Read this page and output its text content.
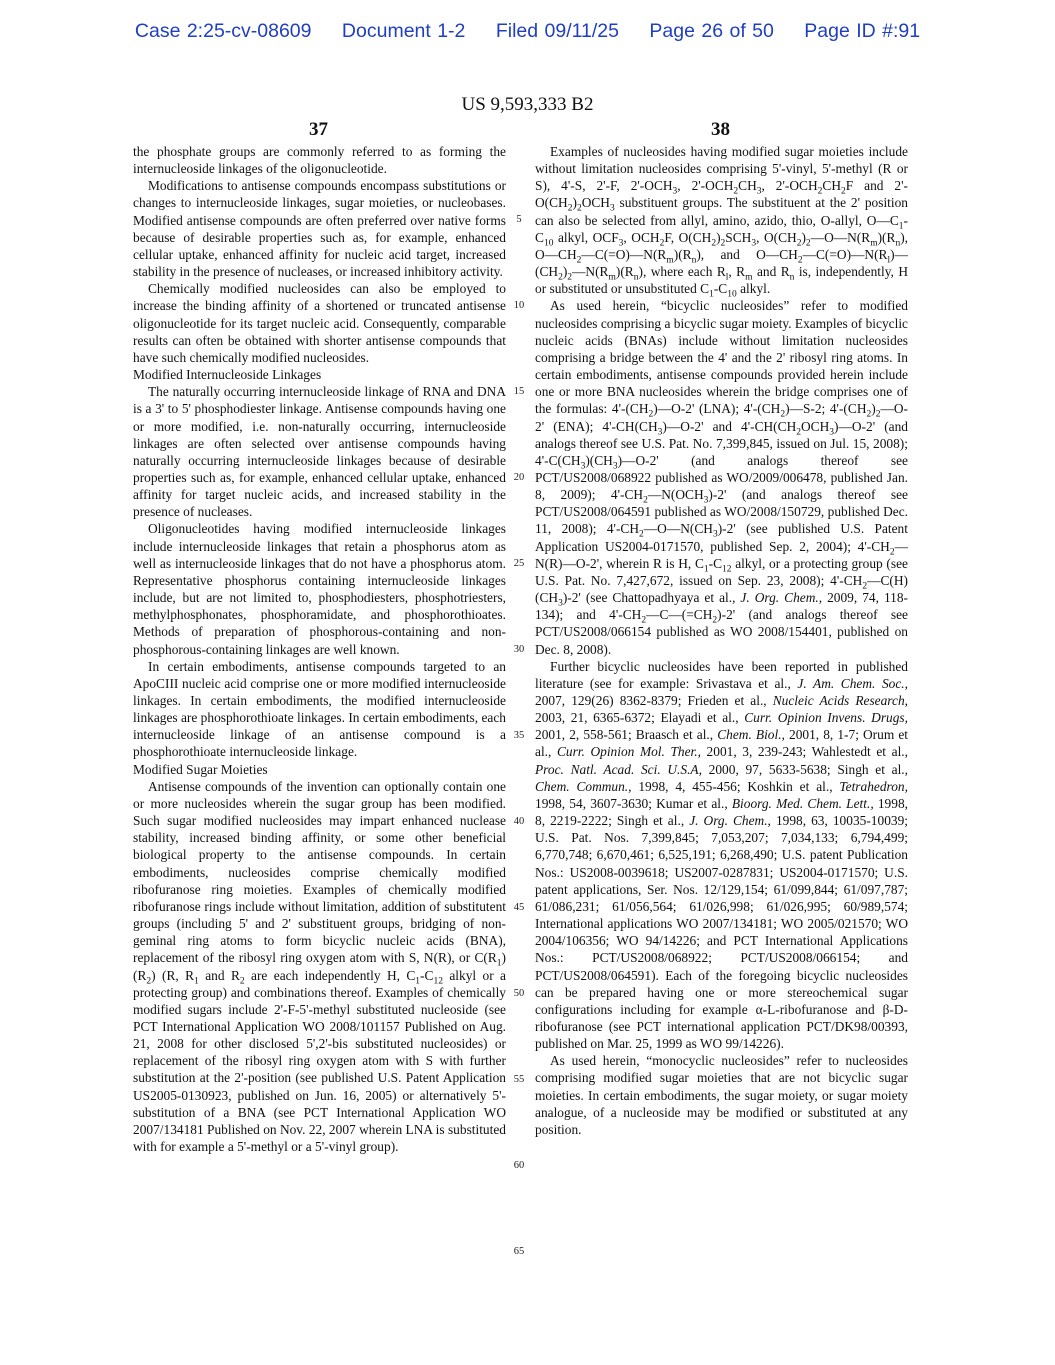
Case 2:25-cv-08609 Document 1-2 Filed 09/11/25 Page 26 of 50 Page ID #:91
US 9,593,333 B2
37	38
5
10
15
20
25
30
35
40
45
50
55
60
65

the phosphate groups are commonly referred to as forming the internucleoside linkages of the oligonucleotide.

Modifications to antisense compounds encompass substitutions or changes to internucleoside linkages, sugar moieties, or nucleobases. Modified antisense compounds are often preferred over native forms because of desirable properties such as, for example, enhanced cellular uptake, enhanced affinity for nucleic acid target, increased stability in the presence of nucleases, or increased inhibitory activity.

Chemically modified nucleosides can also be employed to increase the binding affinity of a shortened or truncated antisense oligonucleotide for its target nucleic acid. Consequently, comparable results can often be obtained with shorter antisense compounds that have such chemically modified nucleosides.

Modified Internucleoside Linkages

The naturally occurring internucleoside linkage of RNA and DNA is a 3' to 5' phosphodiester linkage. Antisense compounds having one or more modified, i.e. non-naturally occurring, internucleoside linkages are often selected over antisense compounds having naturally occurring internucleoside linkages because of desirable properties such as, for example, enhanced cellular uptake, enhanced affinity for target nucleic acids, and increased stability in the presence of nucleases.

Oligonucleotides having modified internucleoside linkages include internucleoside linkages that retain a phosphorus atom as well as internucleoside linkages that do not have a phosphorus atom. Representative phosphorus containing internucleoside linkages include, but are not limited to, phosphodiesters, phosphotriesters, methylphosphonates, phosphoramidate, and phosphorothioates. Methods of preparation of phosphorous-containing and non-phosphorous-containing linkages are well known.

In certain embodiments, antisense compounds targeted to an ApoCIII nucleic acid comprise one or more modified internucleoside linkages. In certain embodiments, the modified internucleoside linkages are phosphorothioate linkages. In certain embodiments, each internucleoside linkage of an antisense compound is a phosphorothioate internucleoside linkage.

Modified Sugar Moieties

Antisense compounds of the invention can optionally contain one or more nucleosides wherein the sugar group has been modified. Such sugar modified nucleosides may impart enhanced nuclease stability, increased binding affinity, or some other beneficial biological property to the antisense compounds. In certain embodiments, nucleosides comprise chemically modified ribofuranose ring moieties. Examples of chemically modified ribofuranose rings include without limitation, addition of substitutent groups (including 5' and 2' substituent groups, bridging of non-geminal ring atoms to form bicyclic nucleic acids (BNA), replacement of the ribosyl ring oxygen atom with S, N(R), or $C(R_1)(R_2)$ (R, $R_1$ and $R_2$ are each independently H, $C_1-C_{12}$ alkyl or a protecting group) and combinations thereof. Examples of chemically modified sugars include 2'-F-5'-methyl substituted nucleoside (see PCT International Application WO 2008/101157 Published on Aug. 21, 2008 for other disclosed 5',2'-bis substituted nucleosides) or replacement of the ribosyl ring oxygen atom with S with further substitution at the 2'-position (see published U.S. Patent Application US2005-0130923, published on Jun. 16, 2005) or alternatively 5'-substitution of a BNA (see PCT International Application WO 2007/134181 Published on Nov. 22, 2007 wherein LNA is substituted with for example a 5'-methyl or a 5'-vinyl group).

Examples of nucleosides having modified sugar moieties include without limitation nucleosides comprising 5'-vinyl, 5'-methyl (R or S), 4'-S, 2'-F, $2'-OCH_3$, $2'-OCH_2CH_3$, $2'-OCH_2CH_2F$ and $2'-O(CH_2)_2OCH_3$ substituent groups. The substituent at the 2' position can also be selected from allyl, amino, azido, thio, O-allyl, $O—C_1-C_{10}$ alkyl, $OCF_3$, $OCH_2F$, $O(CH_2)_2SCH_3$, $O(CH_2)_2—O—N(R_m)(R_n)$, $O—CH_2—C(=O)—N(R_m)(R_n)$, and $O—CH_2—C(=O)—N(R_l)—(CH_2)_2—N(R_m)(R_n)$, where each $R_l$, $R_m$ and $R_n$ is, independently, H or substituted or unsubstituted $C_1-C_{10}$ alkyl.

As used herein, “bicyclic nucleosides” refer to modified nucleosides comprising a bicyclic sugar moiety. Examples of bicyclic nucleic acids (BNAs) include without limitation nucleosides comprising a bridge between the 4' and the 2' ribosyl ring atoms. In certain embodiments, antisense compounds provided herein include one or more BNA nucleosides wherein the bridge comprises one of the formulas: $4'-(CH_2)—O-2'$ (LNA); $4'-(CH_2)—S-2$; $4'-(CH_2)_2—O-2'$ (ENA); $4'-CH(CH_3)—O-2'$ and $4'-CH(CH_2OCH_3)—O-2'$ (and analogs thereof see U.S. Pat. No. 7,399,845, issued on Jul. 15, 2008); $4'-C(CH_3)(CH_3)—O-2'$ (and analogs thereof see PCT/US2008/068922 published as WO/2009/006478, published Jan. 8, 2009); $4'-CH_2—N(OCH_3)-2'$ (and analogs thereof see PCT/US2008/064591 published as WO/2008/150729, published Dec. 11, 2008); $4'-CH_2—O—N(CH_3)-2'$ (see published U.S. Patent Application US2004-0171570, published Sep. 2, 2004); $4'-CH_2—N(R)—O-2'$, wherein R is H, $C_1-C_{12}$ alkyl, or a protecting group (see U.S. Pat. No. 7,427,672, issued on Sep. 23, 2008); $4'-CH_2—C(H)(CH_3)-2'$ (see Chattopadhyaya et al., J. Org. Chem., 2009, 74, 118-134); and $4'-CH_2—C—(=CH_2)-2'$ (and analogs thereof see PCT/US2008/066154 published as WO 2008/154401, published on Dec. 8, 2008).

Further bicyclic nucleosides have been reported in published literature (see for example: Srivastava et al., J. Am. Chem. Soc., 2007, 129(26) 8362-8379; Frieden et al., Nucleic Acids Research, 2003, 21, 6365-6372; Elayadi et al., Curr. Opinion Invens. Drugs, 2001, 2, 558-561; Braasch et al., Chem. Biol., 2001, 8, 1-7; Orum et al., Curr. Opinion Mol. Ther., 2001, 3, 239-243; Wahlestedt et al., Proc. Natl. Acad. Sci. U.S.A, 2000, 97, 5633-5638; Singh et al., Chem. Commun., 1998, 4, 455-456; Koshkin et al., Tetrahedron, 1998, 54, 3607-3630; Kumar et al., Bioorg. Med. Chem. Lett., 1998, 8, 2219-2222; Singh et al., J. Org. Chem., 1998, 63, 10035-10039; U.S. Pat. Nos. 7,399,845; 7,053,207; 7,034,133; 6,794,499; 6,770,748; 6,670,461; 6,525,191; 6,268,490; U.S. patent Publication Nos.: US2008-0039618; US2007-0287831; US2004-0171570; U.S. patent applications, Ser. Nos. 12/129,154; 61/099,844; 61/097,787; 61/086,231; 61/056,564; 61/026,998; 61/026,995; 60/989,574; International applications WO 2007/134181; WO 2005/021570; WO 2004/106356; WO 94/14226; and PCT International Applications Nos.: PCT/US2008/068922; PCT/US2008/066154; and PCT/US2008/064591). Each of the foregoing bicyclic nucleosides can be prepared having one or more stereochemical sugar configurations including for example α-L-ribofuranose and β-D-ribofuranose (see PCT international application PCT/DK98/00393, published on Mar. 25, 1999 as WO 99/14226).

As used herein, “monocyclic nucleosides” refer to nucleosides comprising modified sugar moieties that are not bicyclic sugar moieties. In certain embodiments, the sugar moiety, or sugar moiety analogue, of a nucleoside may be modified or substituted at any position.
